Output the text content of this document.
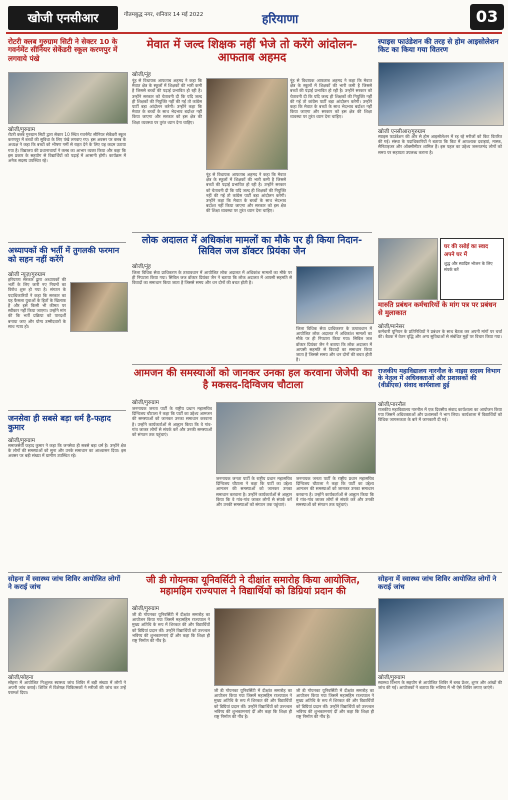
खोजी एनसीआर	गौतमबुद्ध नगर, शनिवार 14 मई 2022	हरियाणा	03
रोटरी क्लब गुरुग्राम सिटी ने सेक्टर 10 के गवर्नमेंट सीनियर सेकेंडरी स्कूल करणपुर में लगवाये पंखे
खोजी/गुरुग्राम
रोटरी क्लब गुरुग्राम सिटी द्वारा सेक्टर 10 स्थित गवर्नमेंट सीनियर सेकेंडरी स्कूल करणपुर में बच्चों की सुविधा के लिए पंखे लगवाए गए। इस अवसर पर क्लब के अध्यक्ष ने कहा कि बच्चों को भीषण गर्मी से राहत देने के लिए यह कदम उठाया गया है। विद्यालय की प्रधानाचार्या ने क्लब का आभार व्यक्त किया और कहा कि इस प्रकार के सहयोग से विद्यार्थियों को पढ़ाई में आसानी होगी। कार्यक्रम में अनेक सदस्य उपस्थित रहे।
अध्यापकों की भर्ती में तुगलकी फरमान को सहन नहीं करेंगे
खोजी न्यूज़/गुरुग्राम
हरियाणा सरकार द्वारा अध्यापकों की भर्ती के लिए जारी नए नियमों का विरोध शुरू हो गया है। संगठन के पदाधिकारियों ने कहा कि सरकार का यह फैसला युवाओं के हितों के खिलाफ है और इसे किसी भी कीमत पर स्वीकार नहीं किया जाएगा। उन्होंने मांग की कि भर्ती प्रक्रिया को पारदर्शी बनाया जाए और योग्य उम्मीदवारों के साथ न्याय हो।
जनसेवा ही सबसे बड़ा धर्म है-फहाद कुमार
खोजी/गुरुग्राम
समाजसेवी फहाद कुमार ने कहा कि जनसेवा ही सबसे बड़ा धर्म है। उन्होंने क्षेत्र के लोगों की समस्याओं को सुना और उनके समाधान का आश्वासन दिया। इस अवसर पर बड़ी संख्या में ग्रामीण उपस्थित रहे।
मेवात में जल्द शिक्षक नहीं भेजे तो करेंगे आंदोलन-आफताब अहमद
खोजी/नूंह
नूंह से विधायक आफताब अहमद ने कहा कि मेवात क्षेत्र के स्कूलों में शिक्षकों की भारी कमी है जिससे बच्चों की पढ़ाई प्रभावित हो रही है। उन्होंने सरकार को चेतावनी दी कि यदि जल्द ही शिक्षकों की नियुक्ति नहीं की गई तो कांग्रेस पार्टी बड़ा आंदोलन करेगी। उन्होंने कहा कि मेवात के बच्चों के साथ भेदभाव बर्दाश्त नहीं किया जाएगा और सरकार को इस क्षेत्र की शिक्षा व्यवस्था पर तुरंत ध्यान देना चाहिए।
नूंह से विधायक आफताब अहमद ने कहा कि मेवात क्षेत्र के स्कूलों में शिक्षकों की भारी कमी है जिससे बच्चों की पढ़ाई प्रभावित हो रही है। उन्होंने सरकार को चेतावनी दी कि यदि जल्द ही शिक्षकों की नियुक्ति नहीं की गई तो कांग्रेस पार्टी बड़ा आंदोलन करेगी। उन्होंने कहा कि मेवात के बच्चों के साथ भेदभाव बर्दाश्त नहीं किया जाएगा और सरकार को इस क्षेत्र की शिक्षा व्यवस्था पर तुरंत ध्यान देना चाहिए।
नूंह से विधायक आफताब अहमद ने कहा कि मेवात क्षेत्र के स्कूलों में शिक्षकों की भारी कमी है जिससे बच्चों की पढ़ाई प्रभावित हो रही है। उन्होंने सरकार को चेतावनी दी कि यदि जल्द ही शिक्षकों की नियुक्ति नहीं की गई तो कांग्रेस पार्टी बड़ा आंदोलन करेगी। उन्होंने कहा कि मेवात के बच्चों के साथ भेदभाव बर्दाश्त नहीं किया जाएगा और सरकार को इस क्षेत्र की शिक्षा व्यवस्था पर तुरंत ध्यान देना चाहिए।
लोक अदालत में अधिकांश मामलों का मौके पर ही किया निदान-सिविल जज डॉक्टर प्रियंका जैन
खोजी/नूंह
जिला विधिक सेवा प्राधिकरण के तत्वावधान में आयोजित लोक अदालत में अधिकांश मामलों का मौके पर ही निपटारा किया गया। सिविल जज डॉक्टर प्रियंका जैन ने बताया कि लोक अदालत में आपसी सहमति से विवादों का समाधान किया जाता है जिससे समय और धन दोनों की बचत होती है।
जिला विधिक सेवा प्राधिकरण के तत्वावधान में आयोजित लोक अदालत में अधिकांश मामलों का मौके पर ही निपटारा किया गया। सिविल जज डॉक्टर प्रियंका जैन ने बताया कि लोक अदालत में आपसी सहमति से विवादों का समाधान किया जाता है जिससे समय और धन दोनों की बचत होती है।
स्पाइस फाउंडेशन की तरह से होम आइसोलेशन किट का किया गया वितरण
खोजी एनसीआर/गुरुग्राम
स्पाइस फाउंडेशन की ओर से होम आइसोलेशन में रह रहे मरीजों को किट वितरित की गई। संस्था के पदाधिकारियों ने बताया कि किट में आवश्यक दवाइयां, मास्क, सैनिटाइजर और ऑक्सीमीटर शामिल हैं। इस पहल का उद्देश्य जरूरतमंद लोगों को समय पर सहायता उपलब्ध कराना है।
घर की रसोई का स्वाद अपने घर में
शुद्ध और स्वादिष्ट भोजन के लिए संपर्क करें
मारुति प्रबंधन कर्मचारियों के मांग पत्र पर प्रबंधन से मुलाकात
खोजी/मानेसर
कर्मचारी यूनियन के प्रतिनिधियों ने प्रबंधन के साथ बैठक कर अपनी मांगों पर चर्चा की। बैठक में वेतन वृद्धि और अन्य सुविधाओं से संबंधित मुद्दों पर विचार किया गया।
आमजन की समस्याओं को जानकर उनका हल करवाना जेजेपी का है मकसद-दिग्विजय चौटाला
खोजी/गुरुग्राम
जननायक जनता पार्टी के राष्ट्रीय प्रधान महासचिव दिग्विजय चौटाला ने कहा कि पार्टी का उद्देश्य आमजन की समस्याओं को जानकर उनका समाधान करवाना है। उन्होंने कार्यकर्ताओं से आह्वान किया कि वे गांव-गांव जाकर लोगों से संपर्क करें और उनकी समस्याओं को संगठन तक पहुंचाएं।
जननायक जनता पार्टी के राष्ट्रीय प्रधान महासचिव दिग्विजय चौटाला ने कहा कि पार्टी का उद्देश्य आमजन की समस्याओं को जानकर उनका समाधान करवाना है। उन्होंने कार्यकर्ताओं से आह्वान किया कि वे गांव-गांव जाकर लोगों से संपर्क करें और उनकी समस्याओं को संगठन तक पहुंचाएं।
जननायक जनता पार्टी के राष्ट्रीय प्रधान महासचिव दिग्विजय चौटाला ने कहा कि पार्टी का उद्देश्य आमजन की समस्याओं को जानकर उनका समाधान करवाना है। उन्होंने कार्यकर्ताओं से आह्वान किया कि वे गांव-गांव जाकर लोगों से संपर्क करें और उनकी समस्याओं को संगठन तक पहुंचाएं।
राजकीय महाविद्यालय नारनौल के नाइस सदस्य विभाग के नेतृत्व में अधिवक्ताओं और प्रशासकों की (वीडीएस) संवाद कार्यशाला हुई
खोजी/नारनौल
राजकीय महाविद्यालय नारनौल में एक दिवसीय संवाद कार्यशाला का आयोजन किया गया जिसमें अधिवक्ताओं और प्रशासकों ने भाग लिया। कार्यशाला में विद्यार्थियों को विधिक जागरूकता के बारे में जानकारी दी गई।
सोहना में स्वास्थ्य जांच शिविर आयोजित लोगों ने कराई जांच
खोजी/सोहना
सोहना में आयोजित निःशुल्क स्वास्थ्य जांच शिविर में बड़ी संख्या में लोगों ने अपनी जांच कराई। शिविर में विशेषज्ञ चिकित्सकों ने मरीजों की जांच कर उन्हें परामर्श दिया।
जी डी गोयनका यूनिवर्सिटी ने दीक्षांत समारोह किया आयोजित, महामहिम राज्यपाल ने विद्यार्थियों को डिग्रियां प्रदान की
खोजी/गुरुग्राम
जी डी गोयनका यूनिवर्सिटी में दीक्षांत समारोह का आयोजन किया गया जिसमें महामहिम राज्यपाल ने मुख्य अतिथि के रूप में शिरकत की और विद्यार्थियों को डिग्रियां प्रदान कीं। उन्होंने विद्यार्थियों को उज्ज्वल भविष्य की शुभकामनाएं दीं और कहा कि शिक्षा ही राष्ट्र निर्माण की नींव है।
जी डी गोयनका यूनिवर्सिटी में दीक्षांत समारोह का आयोजन किया गया जिसमें महामहिम राज्यपाल ने मुख्य अतिथि के रूप में शिरकत की और विद्यार्थियों को डिग्रियां प्रदान कीं। उन्होंने विद्यार्थियों को उज्ज्वल भविष्य की शुभकामनाएं दीं और कहा कि शिक्षा ही राष्ट्र निर्माण की नींव है।
जी डी गोयनका यूनिवर्सिटी में दीक्षांत समारोह का आयोजन किया गया जिसमें महामहिम राज्यपाल ने मुख्य अतिथि के रूप में शिरकत की और विद्यार्थियों को डिग्रियां प्रदान कीं। उन्होंने विद्यार्थियों को उज्ज्वल भविष्य की शुभकामनाएं दीं और कहा कि शिक्षा ही राष्ट्र निर्माण की नींव है।
सोहना में स्वास्थ्य जांच शिविर आयोजित लोगों ने कराई जांच
खोजी/गुरुग्राम
स्वास्थ्य विभाग के सहयोग से आयोजित शिविर में ब्लड प्रेशर, शुगर और आंखों की जांच की गई। आयोजकों ने बताया कि भविष्य में भी ऐसे शिविर लगाए जाएंगे।
